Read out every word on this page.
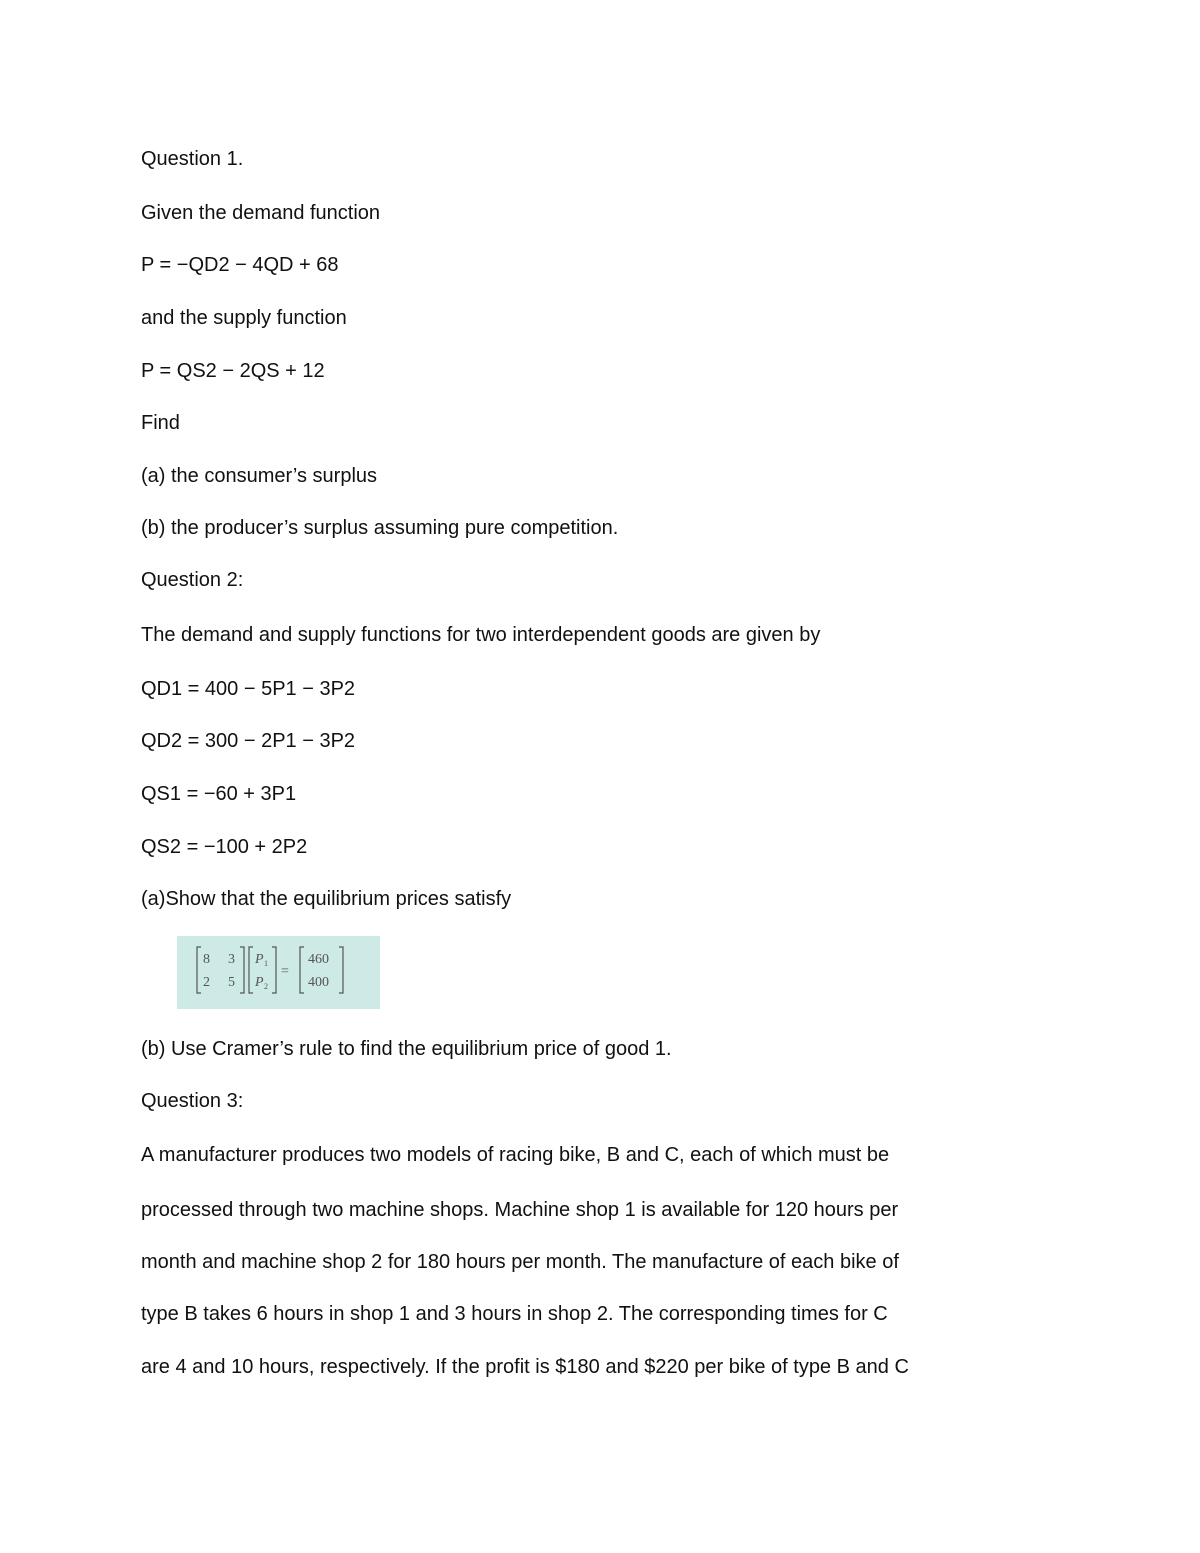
Question 1.

Given the demand function

P = −QD2 − 4QD + 68

and the supply function

P = QS2 − 2QS + 12

Find

(a) the consumer’s surplus

(b) the producer’s surplus assuming pure competition.

Question 2:

The demand and supply functions for two interdependent goods are given by

QD1 = 400 − 5P1 − 3P2

QD2 = 300 − 2P1 − 3P2

QS1 = −60 + 3P1

QS2 = −100 + 2P2

(a)Show that the equilibrium prices satisfy

8 3
2 5
P 1
P 2
=
460
400

(b) Use Cramer’s rule to find the equilibrium price of good 1.

Question 3:

A manufacturer produces two models of racing bike, B and C, each of which must be

processed through two machine shops. Machine shop 1 is available for 120 hours per

month and machine shop 2 for 180 hours per month. The manufacture of each bike of

type B takes 6 hours in shop 1 and 3 hours in shop 2. The corresponding times for C

are 4 and 10 hours, respectively. If the profit is $180 and $220 per bike of type B and C
